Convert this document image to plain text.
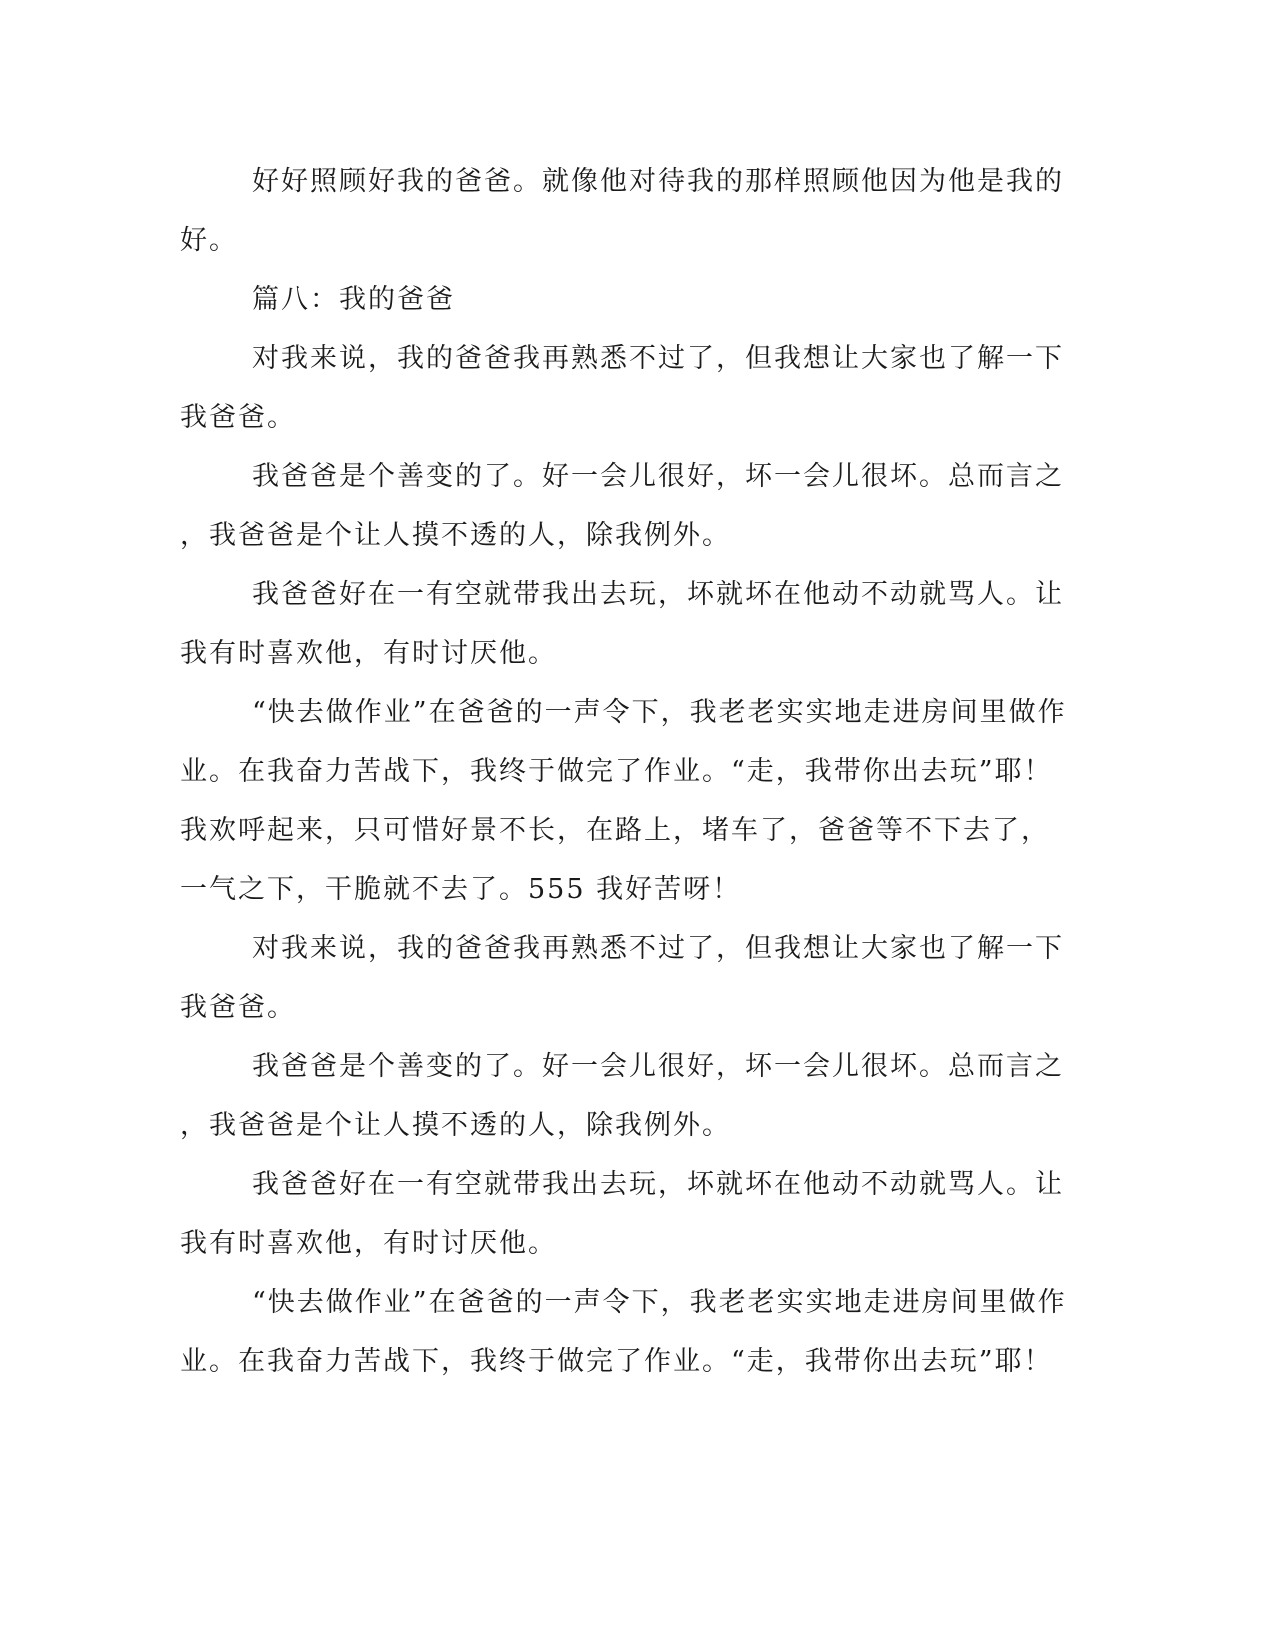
好好照顾好我的爸爸。就像他对待我的那样照顾他因为他是我的
好。
篇八：我的爸爸
对我来说，我的爸爸我再熟悉不过了，但我想让大家也了解一下
我爸爸。
我爸爸是个善变的了。好一会儿很好，坏一会儿很坏。总而言之
，我爸爸是个让人摸不透的人，除我例外。
我爸爸好在一有空就带我出去玩，坏就坏在他动不动就骂人。让
我有时喜欢他，有时讨厌他。
“快去做作业”在爸爸的一声令下，我老老实实地走进房间里做作
业。在我奋力苦战下，我终于做完了作业。“走，我带你出去玩”耶！
我欢呼起来，只可惜好景不长，在路上，堵车了，爸爸等不下去了，
一气之下，干脆就不去了。555 我好苦呀！
对我来说，我的爸爸我再熟悉不过了，但我想让大家也了解一下
我爸爸。
我爸爸是个善变的了。好一会儿很好，坏一会儿很坏。总而言之
，我爸爸是个让人摸不透的人，除我例外。
我爸爸好在一有空就带我出去玩，坏就坏在他动不动就骂人。让
我有时喜欢他，有时讨厌他。
“快去做作业”在爸爸的一声令下，我老老实实地走进房间里做作
业。在我奋力苦战下，我终于做完了作业。“走，我带你出去玩”耶！
